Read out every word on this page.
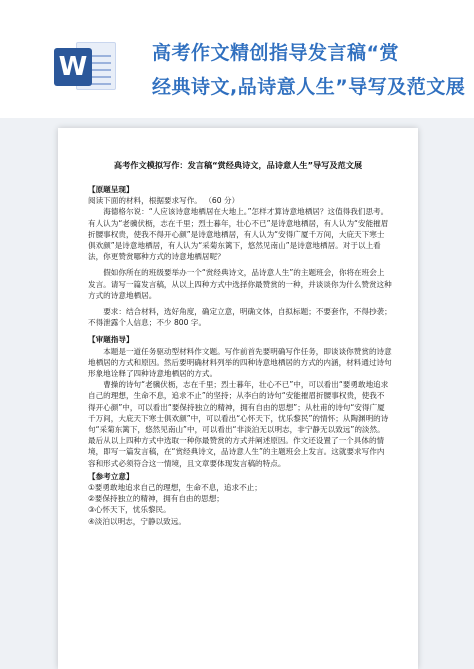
W	高考作文精创指导发言稿“赏
经典诗文,品诗意人生”导写及范文展
高考作文模拟写作：发言稿“赏经典诗文，品诗意人生”导写及范文展

【原题呈现】

阅读下面的材料，根据要求写作。 （60 分）

海德格尔说：“人应该诗意地栖居在大地上。”怎样才算诗意地栖居？这值得我们思考。有人认为“老骥伏枥，志在千里；烈士暮年，壮心不已”是诗意地栖居，有人认为“安能摧眉折腰事权贵，使我不得开心颜”是诗意地栖居，有人认为“安得广厦千万间，大庇天下寒士俱欢颜”是诗意地栖居，有人认为“采菊东篱下，悠然见南山”是诗意地栖居。对于以上看法，你更赞赏哪种方式的诗意地栖居呢？

假如你所在的班级要举办一个“赏经典诗文，品诗意人生”的主题班会，你将在班会上发言。请写一篇发言稿，从以上四种方式中选择你最赞赏的一种，并谈谈你为什么赞赏这种方式的诗意地栖居。

要求：结合材料，选好角度，确定立意，明确文体，自拟标题；不要套作，不得抄袭；不得泄露个人信息；不少 800 字。

【审题指导】

本题是一道任务驱动型材料作文题。写作前首先要明确写作任务，即谈谈你赞赏的诗意地栖居的方式和原因。然后要明确材料列举的四种诗意地栖居的方式的内涵，材料通过诗句形象地诠释了四种诗意地栖居的方式。

曹操的诗句“老骥伏枥，志在千里；烈士暮年，壮心不已”中，可以看出“要勇敢地追求自己的理想，生命不息，追求不止”的坚持；从李白的诗句“安能摧眉折腰事权贵，使我不得开心颜”中，可以看出“要保持独立的精神，拥有自由的思想”；从杜甫的诗句“安得广厦千万间，大庇天下寒士俱欢颜”中，可以看出“心怀天下，忧乐黎民”的情怀；从陶渊明的诗句“采菊东篱下，悠然见南山”中，可以看出“非淡泊无以明志，非宁静无以致远”的淡然。最后从以上四种方式中选取一种你最赞赏的方式并阐述原因。作文还设置了一个具体的情境，即写一篇发言稿，在“赏经典诗文，品诗意人生”的主题班会上发言。这就要求写作内容和形式必须符合这一情境，且文章要体现发言稿的特点。

【参考立意】

①要勇敢地追求自己的理想，生命不息，追求不止；

②要保持独立的精神，拥有自由的思想；

③心怀天下，忧乐黎民。

④淡泊以明志，宁静以致远。
